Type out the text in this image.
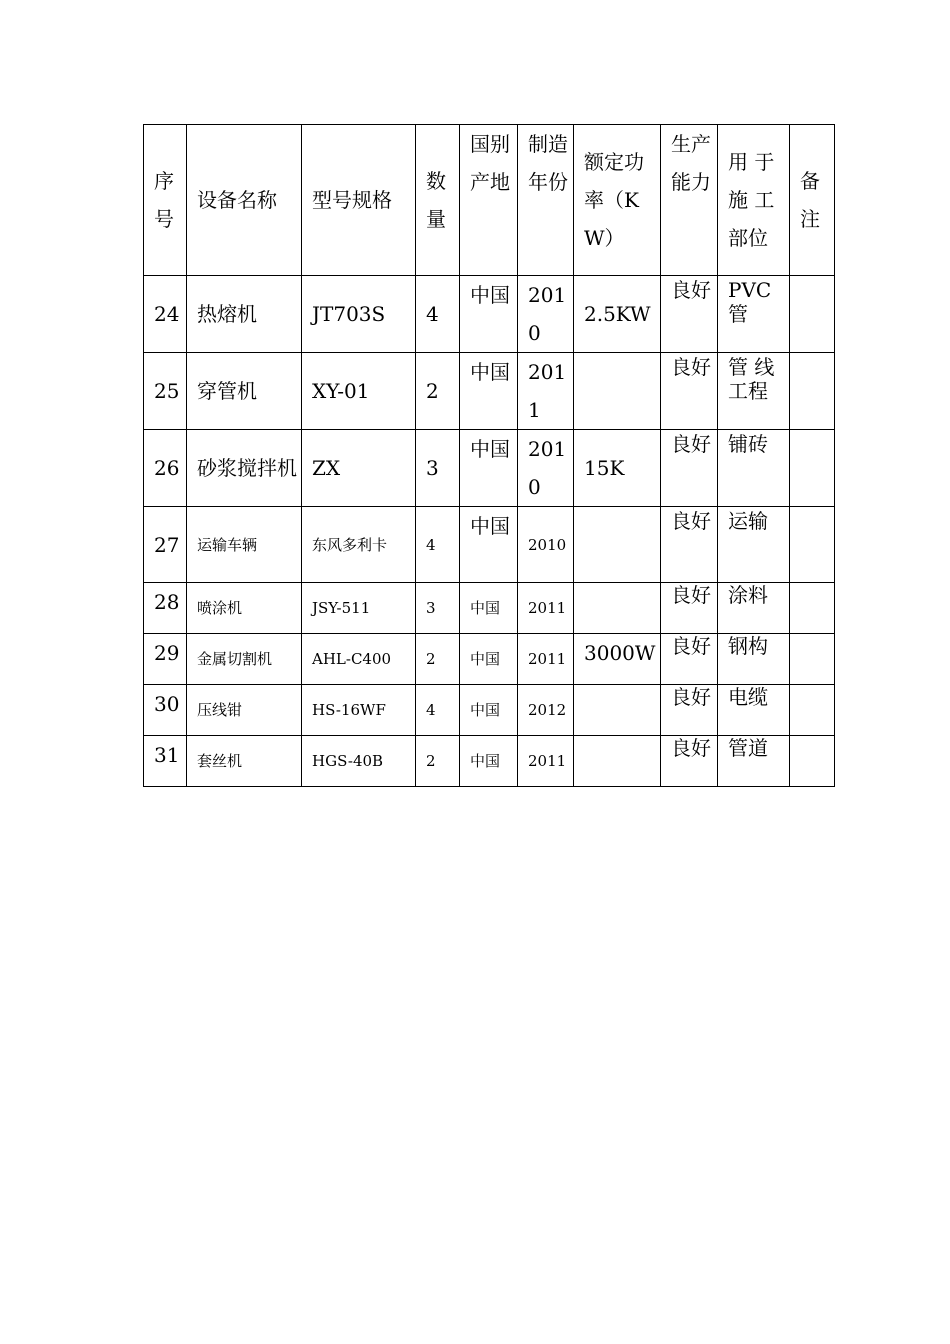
序号	设备名称	型号规格	数量	国别产地	制造年份	额定功率（KW）	生产能力	用 于施 工部位	备注
24	热熔机	JT703S	4	中国	2010	2.5KW	良好	PVC管	
25	穿管机	XY-01	2	中国	2011		良好	管 线工程	
26	砂浆搅拌机	ZX	3	中国	2010	15K	良好	铺砖	
27	运输车辆	东风多利卡	4	中国	2010		良好	运输	
28	喷涂机	JSY-511	3	中国	2011		良好	涂料	
29	金属切割机	AHL-C400	2	中国	2011	3000W	良好	钢构	
30	压线钳	HS-16WF	4	中国	2012		良好	电缆	
31	套丝机	HGS-40B	2	中国	2011		良好	管道	
